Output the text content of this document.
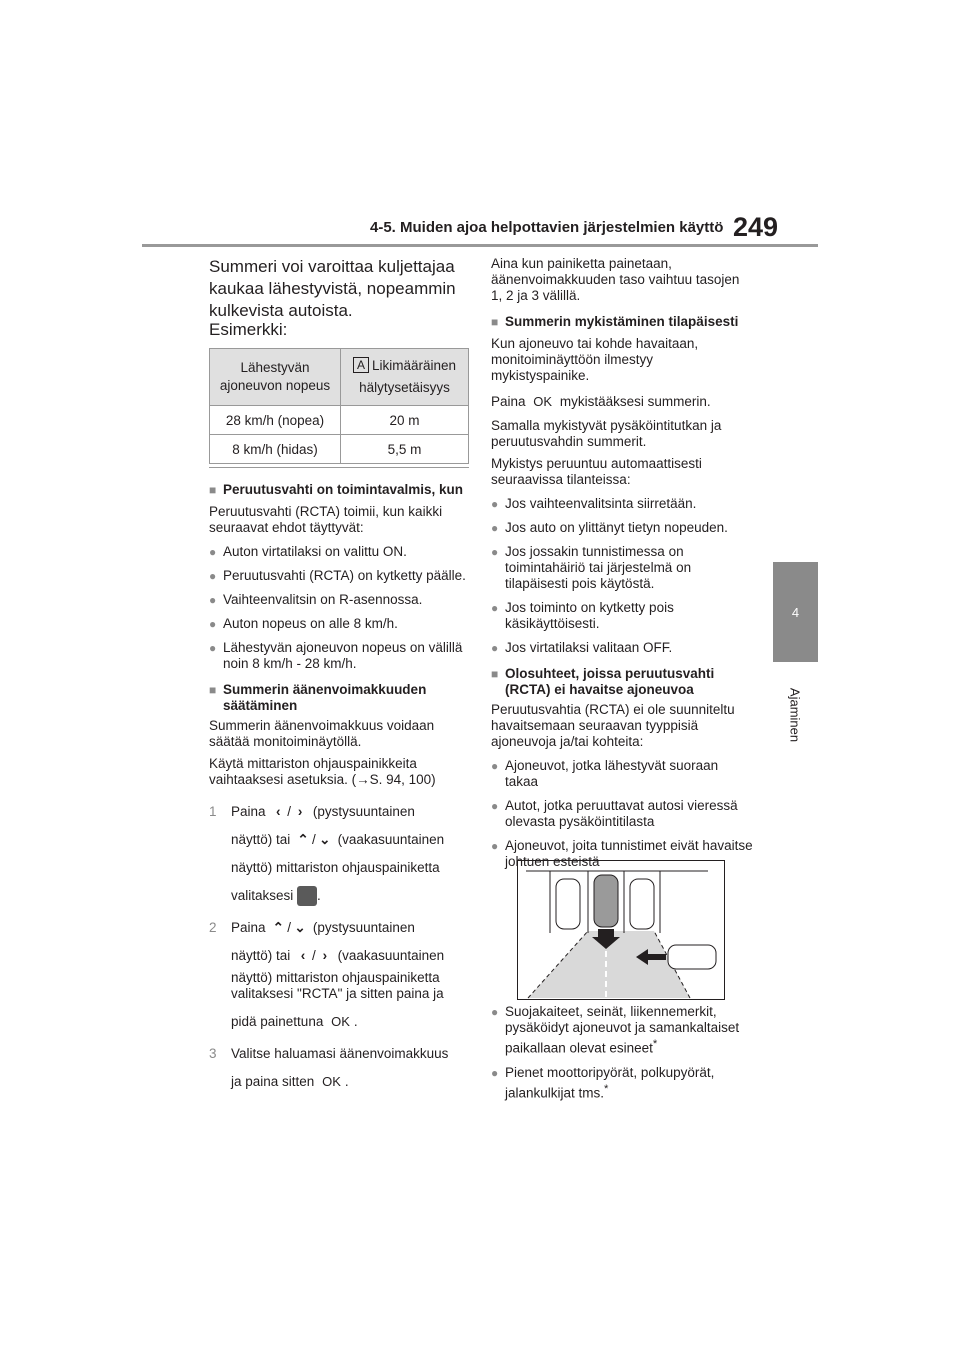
4-5. Muiden ajoa helpottavien järjestelmien käyttö 249
4
Ajaminen
Summeri voi varoittaa kuljettajaa kaukaa lähestyvistä, nopeammin kulkevista autoista.
Esimerkki:
Lähestyvän ajoneuvon nopeus	A Likimääräinen
hälytysetäisyys

28 km/h (nopea)	20 m
8 km/h (hidas)	5,5 m

■ Peruutusvahti on toimintavalmis, kun

Peruutusvahti (RCTA) toimii, kun kaikki seuraavat ehdot täyttyvät:

● Auton virtatilaksi on valittu ON.

● Peruutusvahti (RCTA) on kytketty päälle.

● Vaihteenvalitsin on R-asennossa.

● Auton nopeus on alle 8 km/h.

● Lähestyvän ajoneuvon nopeus on välillä noin 8 km/h - 28 km/h.

■ Summerin äänenvoimakkuuden säätäminen

Summerin äänenvoimakkuus voidaan säätää monitoiminäytöllä.

Käytä mittariston ohjauspainikkeita vaihtaaksesi asetuksia. (→S. 94, 100)

1 Paina ‹ / › (pystysuuntainen
näyttö) tai ⌃ / ⌄ (vaakasuuntainen
näyttö) mittariston ohjauspainiketta
valitaksesi .

2 Paina ⌃ / ⌄ (pystysuuntainen
näyttö) tai ‹ / › (vaakasuuntainen
näyttö) mittariston ohjauspainiketta valitaksesi "RCTA" ja sitten paina ja
pidä painettuna OK .

3 Valitse haluamasi äänenvoimakkuus
ja paina sitten OK .

Aina kun painiketta painetaan, äänenvoimakkuuden taso vaihtuu tasojen 1, 2 ja 3 välillä.

■ Summerin mykistäminen tilapäisesti

Kun ajoneuvo tai kohde havaitaan, monitoiminäyttöön ilmestyy mykistyspainike.

Paina OK mykistääksesi summerin.

Samalla mykistyvät pysäköintitutkan ja peruutusvahdin summerit.

Mykistys peruuntuu automaattisesti seuraavissa tilanteissa:

● Jos vaihteenvalitsinta siirretään.

● Jos auto on ylittänyt tietyn nopeuden.

● Jos jossakin tunnistimessa on toimintahäiriö tai järjestelmä on tilapäisesti pois käytöstä.

● Jos toiminto on kytketty pois käsikäyttöisesti.

● Jos virtatilaksi valitaan OFF.

■ Olosuhteet, joissa peruutusvahti (RCTA) ei havaitse ajoneuvoa

Peruutusvahtia (RCTA) ei ole suunniteltu havaitsemaan seuraavan tyyppisiä ajoneuvoja ja/tai kohteita:

● Ajoneuvot, jotka lähestyvät suoraan takaa

● Autot, jotka peruuttavat autosi vieressä olevasta pysäköintitilasta

● Ajoneuvot, joita tunnistimet eivät havaitse johtuen esteistä

● Suojakaiteet, seinät, liikennemerkit, pysäköidyt ajoneuvot ja samankaltaiset paikallaan olevat esineet*

● Pienet moottoripyörät, polkupyörät, jalankulkijat tms.*
